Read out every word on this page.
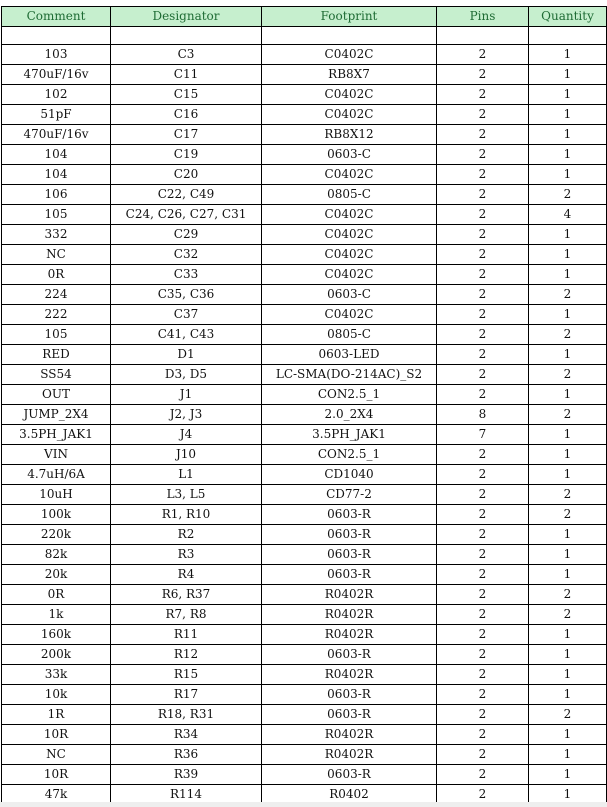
Comment	Designator	Footprint	Pins	Quantity

103	C3	C0402C	2	1
470uF/16v	C11	RB8X7	2	1
102	C15	C0402C	2	1
51pF	C16	C0402C	2	1
470uF/16v	C17	RB8X12	2	1
104	C19	0603-C	2	1
104	C20	C0402C	2	1
106	C22, C49	0805-C	2	2
105	C24, C26, C27, C31	C0402C	2	4
332	C29	C0402C	2	1
NC	C32	C0402C	2	1
0R	C33	C0402C	2	1
224	C35, C36	0603-C	2	2
222	C37	C0402C	2	1
105	C41, C43	0805-C	2	2
RED	D1	0603-LED	2	1
SS54	D3, D5	LC-SMA(DO-214AC)_S2	2	2
OUT	J1	CON2.5_1	2	1
JUMP_2X4	J2, J3	2.0_2X4	8	2
3.5PH_JAK1	J4	3.5PH_JAK1	7	1
VIN	J10	CON2.5_1	2	1
4.7uH/6A	L1	CD1040	2	1
10uH	L3, L5	CD77-2	2	2
100k	R1, R10	0603-R	2	2
220k	R2	0603-R	2	1
82k	R3	0603-R	2	1
20k	R4	0603-R	2	1
0R	R6, R37	R0402R	2	2
1k	R7, R8	R0402R	2	2
160k	R11	R0402R	2	1
200k	R12	0603-R	2	1
33k	R15	R0402R	2	1
10k	R17	0603-R	2	1
1R	R18, R31	0603-R	2	2
10R	R34	R0402R	2	1
NC	R36	R0402R	2	1
10R	R39	0603-R	2	1
47k	R114	R0402	2	1
